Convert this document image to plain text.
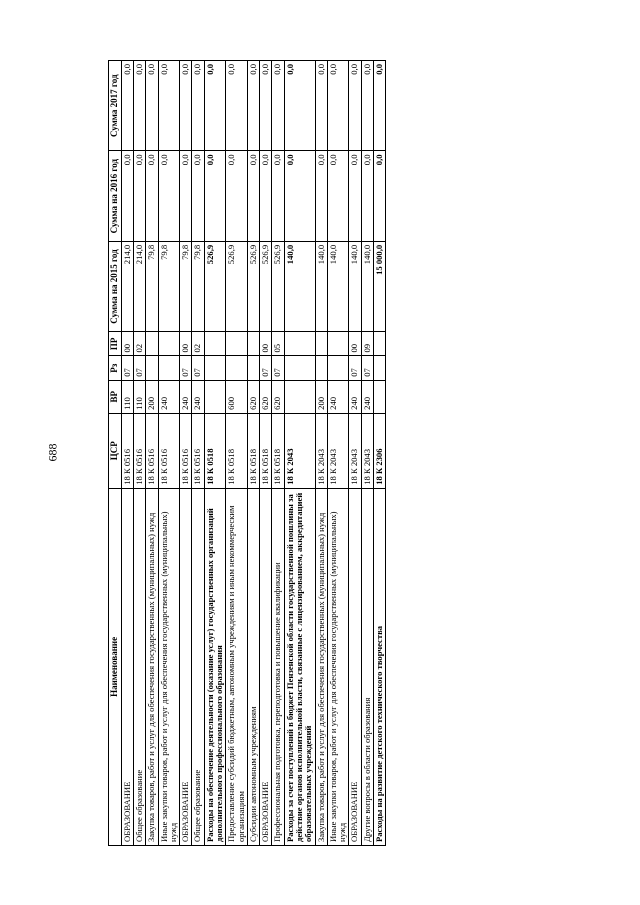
688
Наименование	ЦСР	ВР	Рз	ПР	Сумма на 2015 год	Сумма на 2016 год	Сумма 2017 год
ОБРАЗОВАНИЕ	18 К 0516	110	07	00	214,0	0,0	0,0
Общее образование	18 К 0516	110	07	02	214,0	0,0	0,0
Закупка товаров, работ и услуг для обеспечения государственных (муниципальных) нужд	18 К 0516	200			79,8	0,0	0,0
Иные закупки товаров, работ и услуг для обеспечения государственных (муниципальных) нужд	18 К 0516	240			79,8	0,0	0,0
ОБРАЗОВАНИЕ	18 К 0516	240	07	00	79,8	0,0	0,0
Общее образование	18 К 0516	240	07	02	79,8	0,0	0,0
Расходы на обеспечение деятельности (оказание услуг) государственных организаций дополнительного профессионального образования	18 К 0518				526,9	0,0	0,0
Предоставление субсидий бюджетным, автономным учреждениям и иным некоммерческим организациям	18 К 0518	600			526,9	0,0	0,0
Субсидии автономным учреждениям	18 К 0518	620			526,9	0,0	0,0
ОБРАЗОВАНИЕ	18 К 0518	620	07	00	526,9	0,0	0,0
Профессиональная подготовка, переподготовка и повышение квалификации	18 К 0518	620	07	05	526,9	0,0	0,0
Расходы за счет поступлений в бюджет Пензенской области государственной пошлины за действие органов исполнительной власти, связанные с лицензированием, аккредитацией образовательных учреждений	18 К 2043				140,0	0,0	0,0
Закупка товаров, работ и услуг для обеспечения государственных (муниципальных) нужд	18 К 2043	200			140,0	0,0	0,0
Иные закупки товаров, работ и услуг для обеспечения государственных (муниципальных) нужд	18 К 2043	240			140,0	0,0	0,0
ОБРАЗОВАНИЕ	18 К 2043	240	07	00	140,0	0,0	0,0
Другие вопросы в области образования	18 К 2043	240	07	09	140,0	0,0	0,0
Расходы на развитие детского технического творчества	18 К 2306				15 000,0	0,0	0,0
